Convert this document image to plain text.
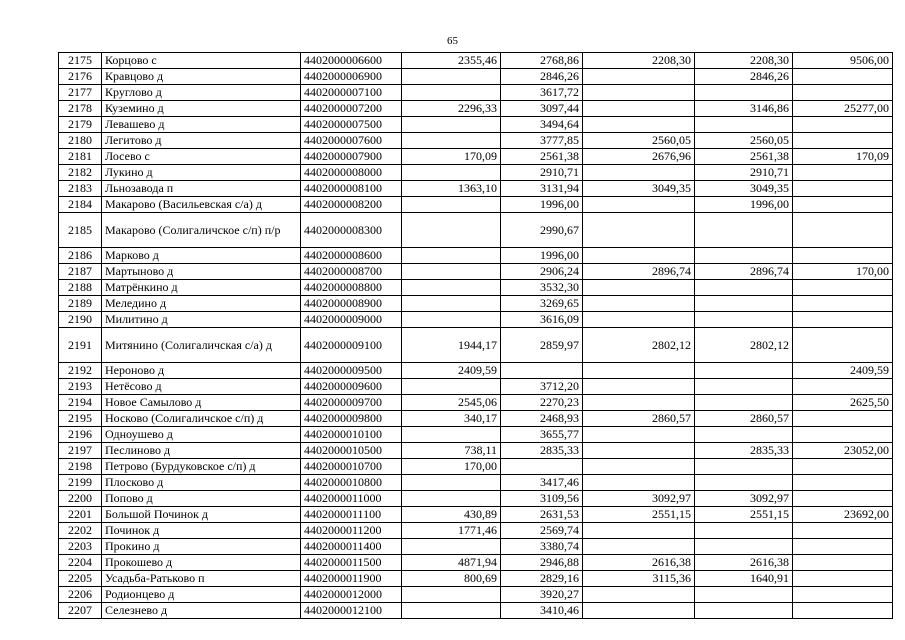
65
2175	Корцово с	4402000006600	2355,46	2768,86	2208,30	2208,30	9506,00
2176	Кравцово д	4402000006900		2846,26		2846,26	
2177	Круглово д	4402000007100		3617,72			
2178	Куземино д	4402000007200	2296,33	3097,44		3146,86	25277,00
2179	Левашево д	4402000007500		3494,64			
2180	Легитово д	4402000007600		3777,85	2560,05	2560,05	
2181	Лосево с	4402000007900	170,09	2561,38	2676,96	2561,38	170,09
2182	Лукино д	4402000008000		2910,71		2910,71	
2183	Льнозавода п	4402000008100	1363,10	3131,94	3049,35	3049,35	
2184	Макарово (Васильевская с/а) д	4402000008200		1996,00		1996,00	
2185	Макарово (Солигаличское с/п) п/р	4402000008300		2990,67			
2186	Марково д	4402000008600		1996,00			
2187	Мартыново д	4402000008700		2906,24	2896,74	2896,74	170,00
2188	Матрёнкино д	4402000008800		3532,30			
2189	Меледино д	4402000008900		3269,65			
2190	Милитино д	4402000009000		3616,09			
2191	Митянино (Солигаличская с/а) д	4402000009100	1944,17	2859,97	2802,12	2802,12	
2192	Нероново д	4402000009500	2409,59				2409,59
2193	Нетёсово д	4402000009600		3712,20			
2194	Новое Самылово д	4402000009700	2545,06	2270,23			2625,50
2195	Носково (Солигаличское с/п) д	4402000009800	340,17	2468,93	2860,57	2860,57	
2196	Одноушево д	4402000010100		3655,77			
2197	Песлиново д	4402000010500	738,11	2835,33		2835,33	23052,00
2198	Петрово (Бурдуковское с/п) д	4402000010700	170,00				
2199	Плосково д	4402000010800		3417,46			
2200	Попово д	4402000011000		3109,56	3092,97	3092,97	
2201	Большой Починок д	4402000011100	430,89	2631,53	2551,15	2551,15	23692,00
2202	Починок д	4402000011200	1771,46	2569,74			
2203	Прокино д	4402000011400		3380,74			
2204	Прокошево д	4402000011500	4871,94	2946,88	2616,38	2616,38	
2205	Усадьба-Ратьково п	4402000011900	800,69	2829,16	3115,36	1640,91	
2206	Родионцево д	4402000012000		3920,27			
2207	Селезнево д	4402000012100		3410,46			
